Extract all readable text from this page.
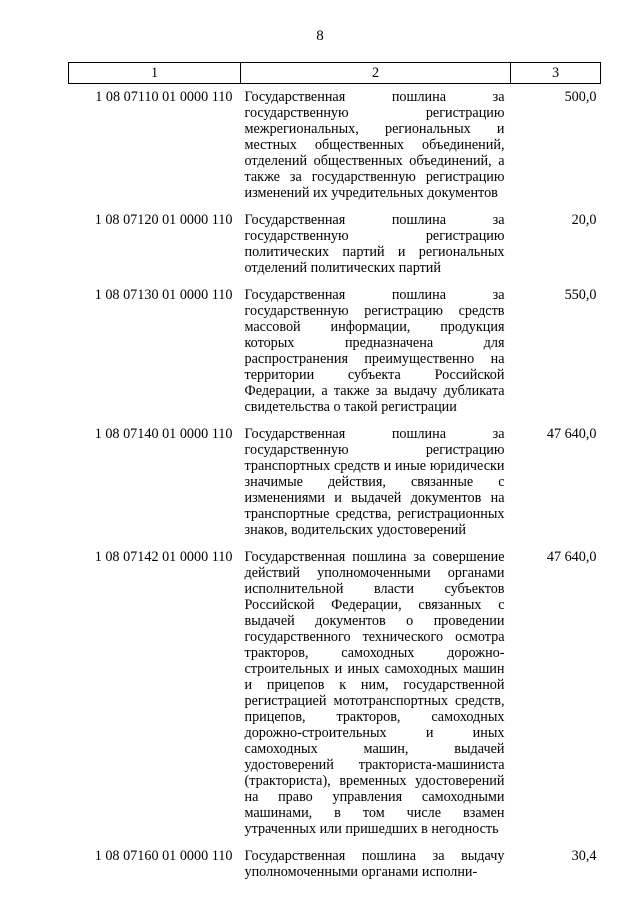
8
1	2	3
1 08 07110 01 0000 110	Государственная пошлина за государственную регистрацию межрегиональных, региональных и местных общественных объединений, отделений общественных объединений, а также за государственную регистрацию изменений их учредительных документов	500,0
1 08 07120 01 0000 110	Государственная пошлина за государственную регистрацию политических партий и региональных отделений политических партий	20,0
1 08 07130 01 0000 110	Государственная пошлина за государственную регистрацию средств массовой информации, продукция которых предназначена для распространения преимущественно на территории субъекта Российской Федерации, а также за выдачу дубликата свидетельства о такой регистрации	550,0
1 08 07140 01 0000 110	Государственная пошлина за государственную регистрацию транспортных средств и иные юридически значимые действия, связанные с изменениями и выдачей документов на транспортные средства, регистрационных знаков, водительских удостоверений	47 640,0
1 08 07142 01 0000 110	Государственная пошлина за совершение действий уполномоченными органами исполнительной власти субъектов Российской Федерации, связанных с выдачей документов о проведении государственного технического осмотра тракторов, самоходных дорожно-строительных и иных самоходных машин и прицепов к ним, государственной регистрацией мототранспортных средств, прицепов, тракторов, самоходных дорожно-строительных и иных самоходных машин, выдачей удостоверений тракториста-машиниста (тракториста), временных удостоверений на право управления самоходными машинами, в том числе взамен утраченных или пришедших в негодность	47 640,0
1 08 07160 01 0000 110	Государственная пошлина за выдачу уполномоченными органами исполни-	30,4
